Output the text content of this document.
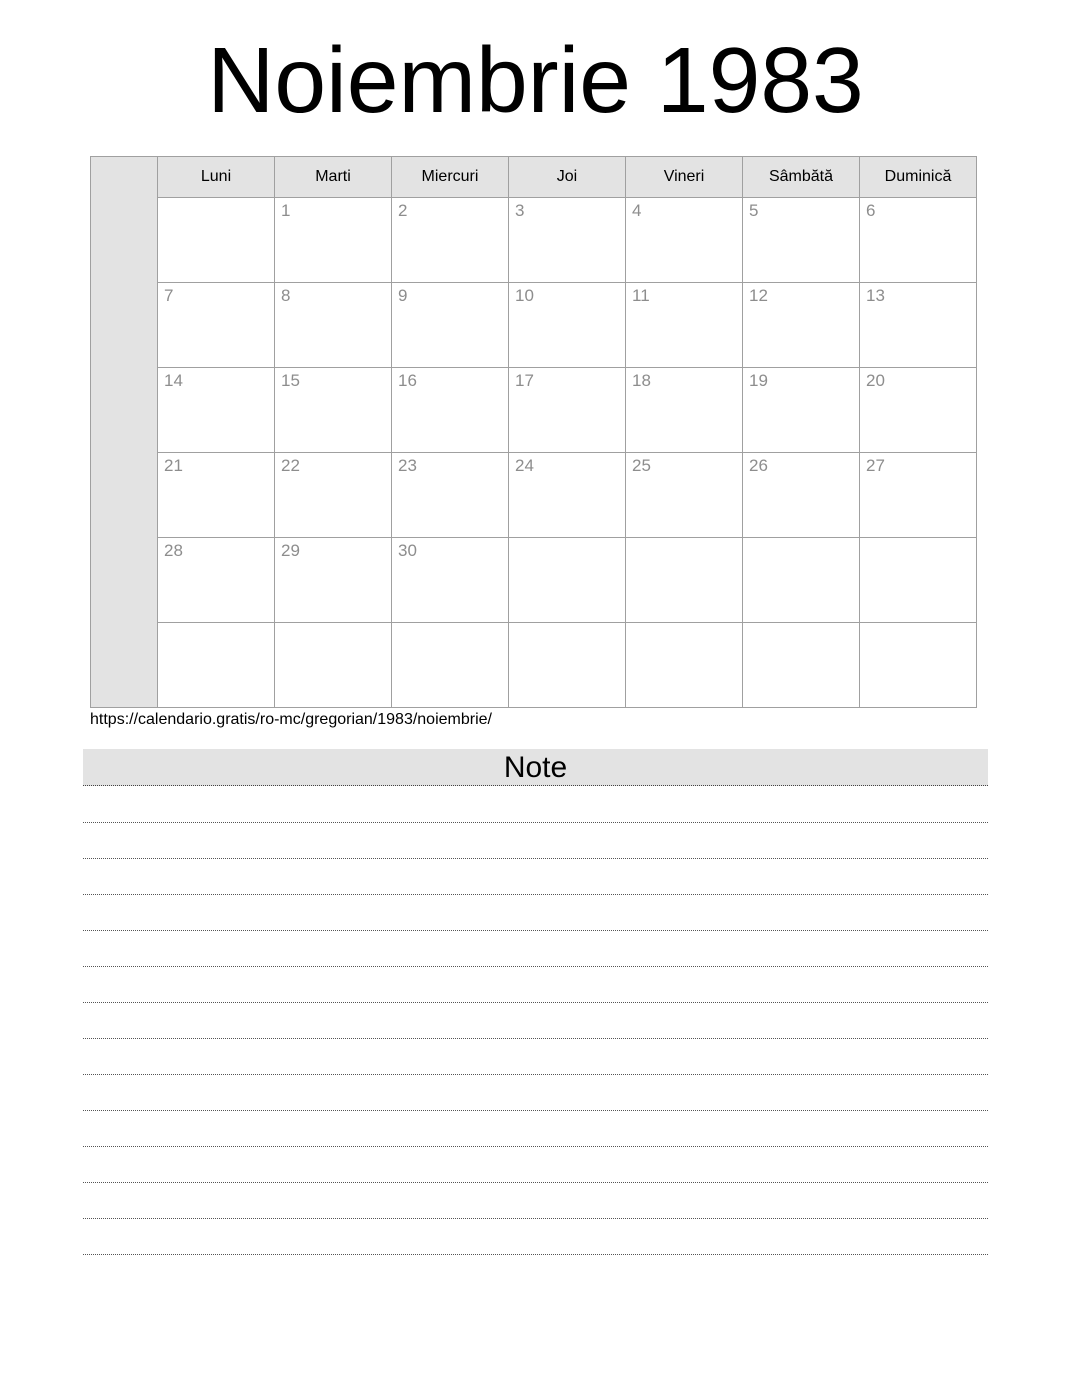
Noiembrie 1983
	Luni	Marti	Miercuri	Joi	Vineri	Sâmbătă	Duminică
		1	2	3	4	5	6
	7	8	9	10	11	12	13
	14	15	16	17	18	19	20
	21	22	23	24	25	26	27
	28	29	30				

https://calendario.gratis/ro-mc/gregorian/1983/noiembrie/
Note
